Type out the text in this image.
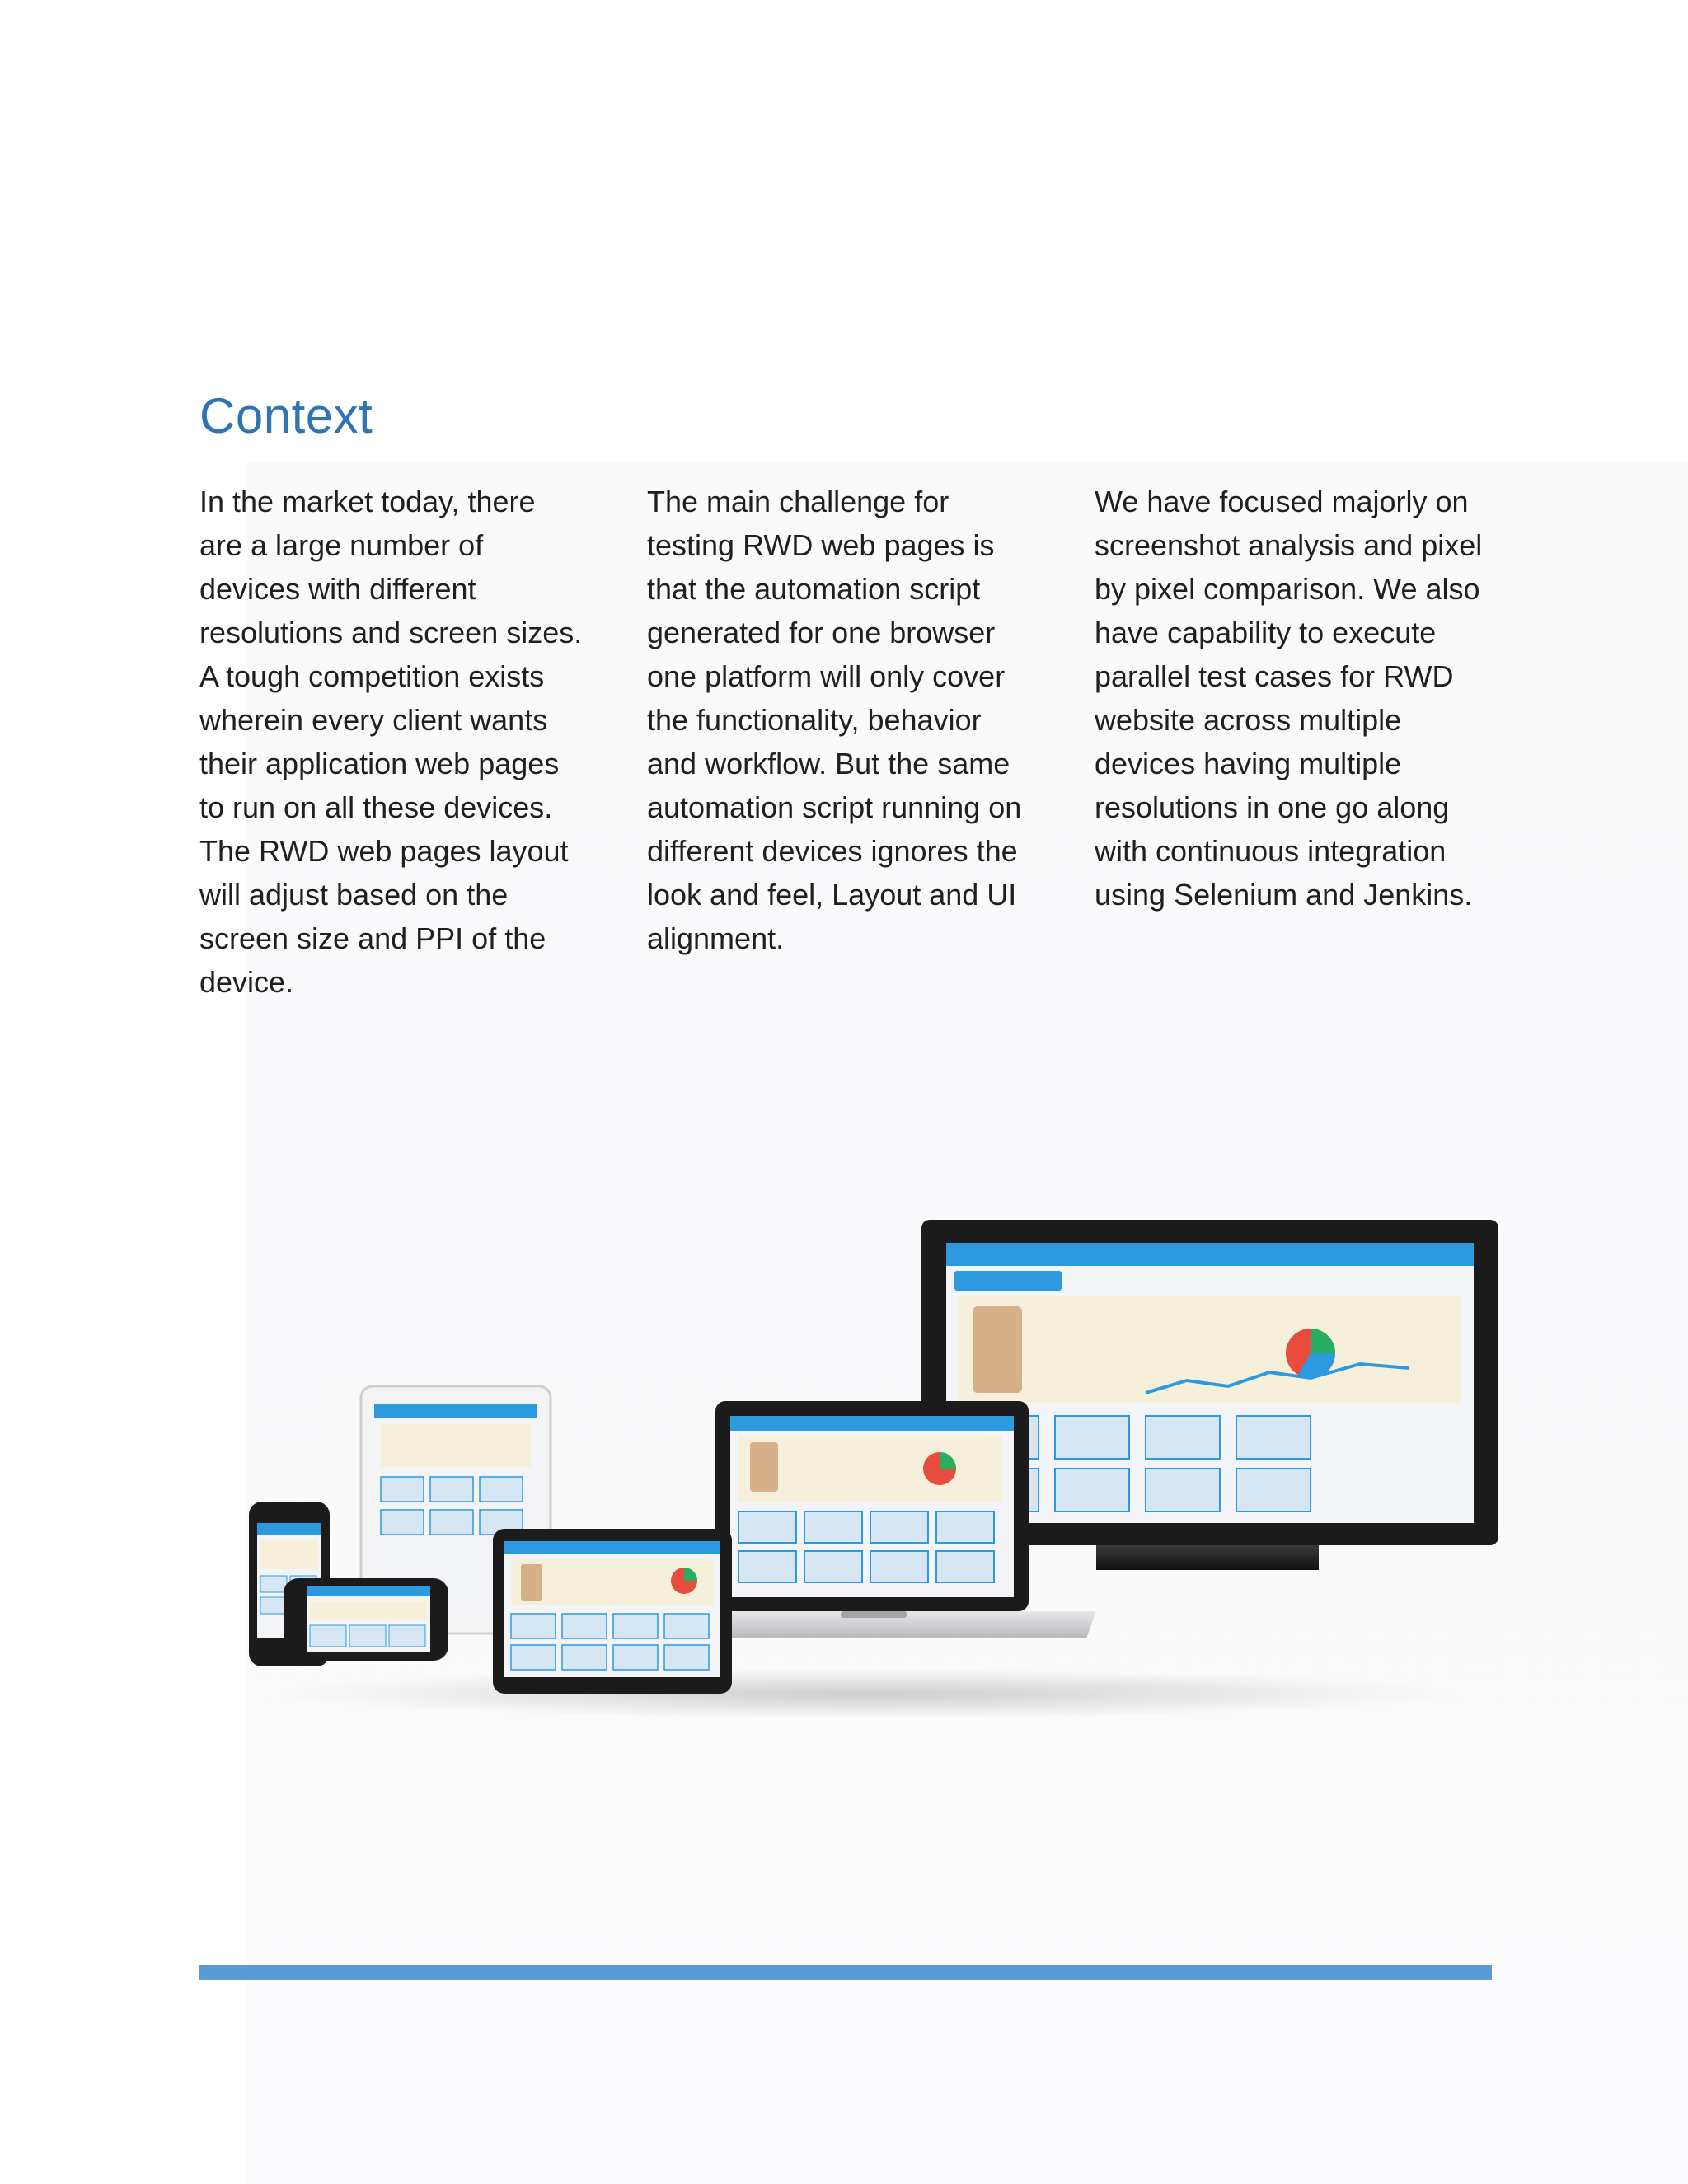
Context
In the market today, there
are a large number of
devices with different
resolutions and screen sizes.
A tough competition exists
wherein every client wants
their application web pages
to run on all these devices.
The RWD web pages layout
will adjust based on the
screen size and PPI of the
device.
The main challenge for
testing RWD web pages is
that the automation script
generated for one browser
one platform will only cover
the functionality, behavior
and workflow. But the same
automation script running on
different devices ignores the
look and feel, Layout and UI
alignment.
We have focused majorly on
screenshot analysis and pixel
by pixel comparison. We also
have capability to execute
parallel test cases for RWD
website across multiple
devices having multiple
resolutions in one go along
with continuous integration
using Selenium and Jenkins.
